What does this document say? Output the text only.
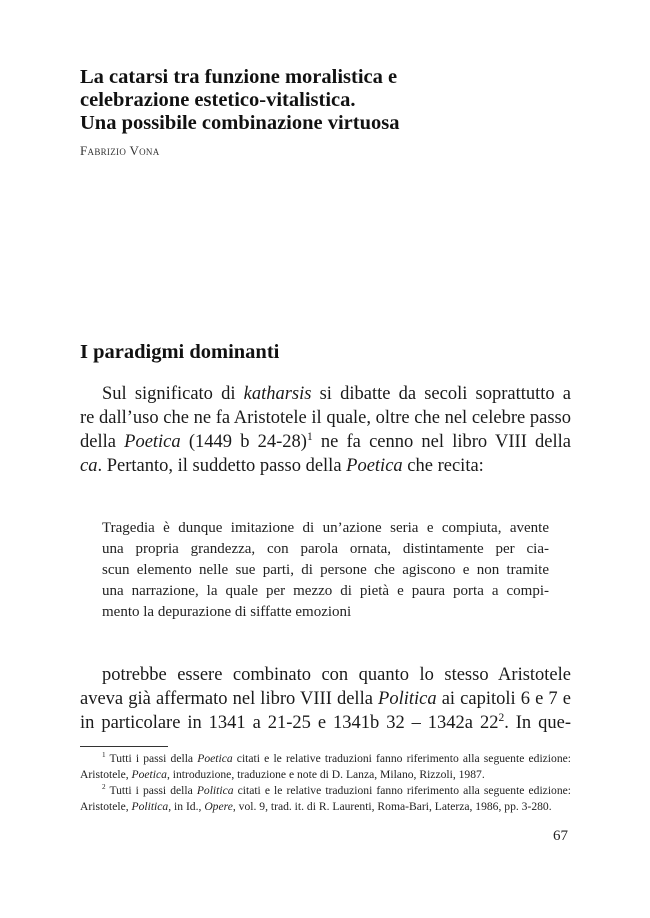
La catarsi tra funzione moralistica e
celebrazione estetico-vitalistica.
Una possibile combinazione virtuosa
Fabrizio Vona
I paradigmi dominanti
Sul significato di katharsis si dibatte da secoli soprattutto a
re dall’uso che ne fa Aristotele il quale, oltre che nel celebre passo
della Poetica (1449 b 24-28)$^1$ ne fa cenno nel libro VIII della
ca. Pertanto, il suddetto passo della Poetica che recita:
Tragedia è dunque imitazione di un’azione seria e compiuta, avente
una propria grandezza, con parola ornata, distintamente per cia-
scun elemento nelle sue parti, di persone che agiscono e non tramite
una narrazione, la quale per mezzo di pietà e paura porta a compi-
mento la depurazione di siffatte emozioni
potrebbe essere combinato con quanto lo stesso Aristotele
aveva già affermato nel libro VIII della Politica ai capitoli 6 e 7 e
in particolare in 1341 a 21-25 e 1341b 32 – 1342a $22^2$. In que-
$^1$ Tutti i passi della Poetica citati e le relative traduzioni fanno riferimento alla seguente edizione:
Aristotele, Poetica, introduzione, traduzione e note di D. Lanza, Milano, Rizzoli, 1987.
$^2$ Tutti i passi della Politica citati e le relative traduzioni fanno riferimento alla seguente edizione:
Aristotele, Politica, in Id., Opere, vol. 9, trad. it. di R. Laurenti, Roma-Bari, Laterza, 1986, pp. 3-280.
67
